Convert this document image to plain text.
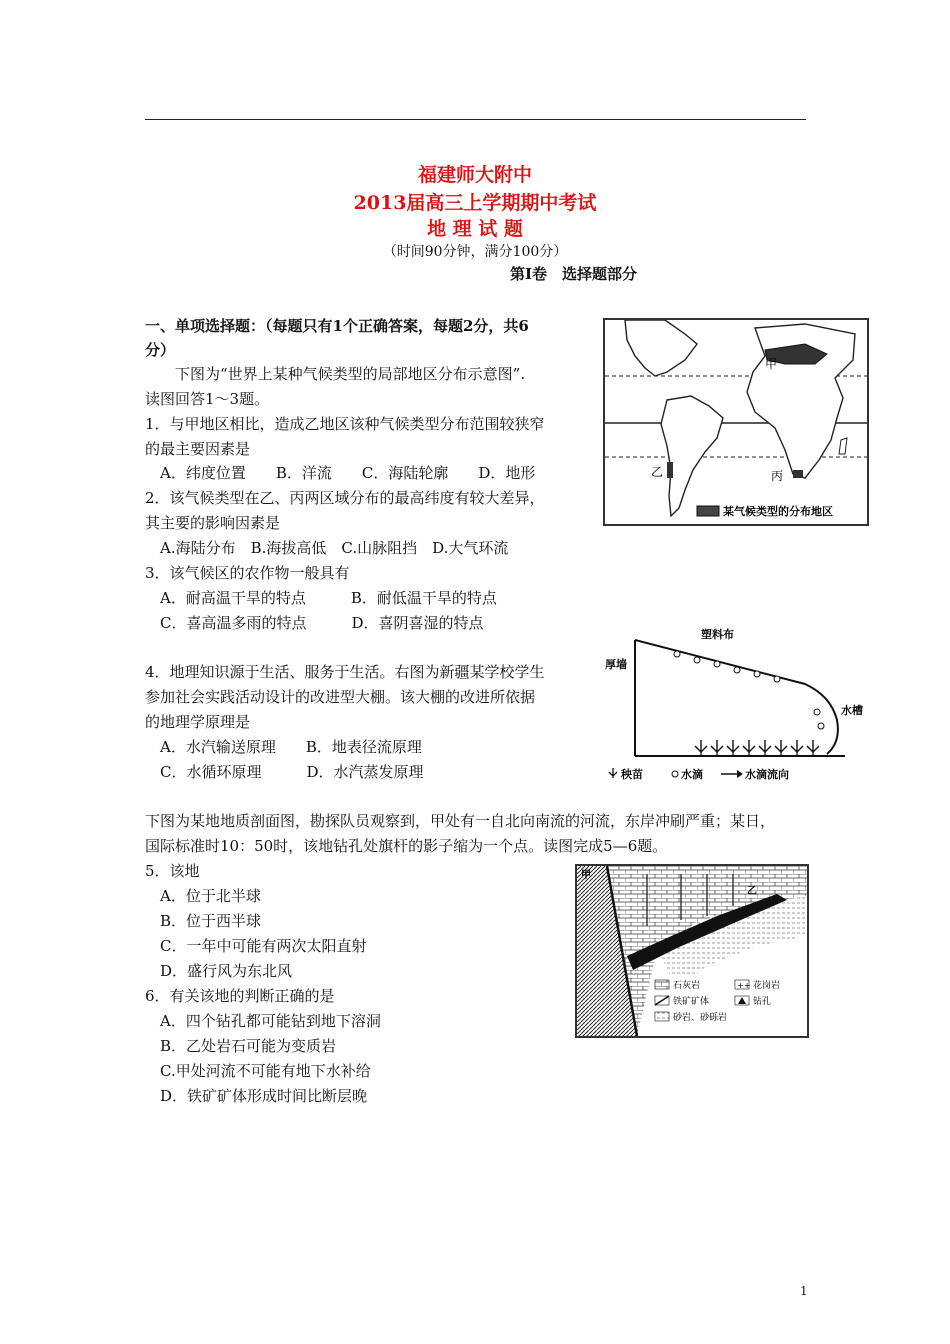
福建师大附中
2013届高三上学期期中考试
地 理 试 题
（时间90分钟，满分100分）
第Ⅰ卷　选择题部分
一、单项选择题：（每题只有1个正确答案，每题2分，共6
分）
下图为“世界上某种气候类型的局部地区分布示意图”.
读图回答1～3题。
1．与甲地区相比，造成乙地区该种气候类型分布范围较狭窄
的最主要因素是
A．纬度位置　　B．洋流　　C．海陆轮廓　　D．地形
2．该气候类型在乙、丙两区域分布的最高纬度有较大差异，
其主要的影响因素是
A.海陆分布　B.海拔高低　C.山脉阻挡　D.大气环流
3．该气候区的农作物一般具有
A．耐高温干旱的特点　　　B．耐低温干旱的特点
C．喜高温多雨的特点　　　D．喜阴喜湿的特点
4．地理知识源于生活、服务于生活。右图为新疆某学校学生
参加社会实践活动设计的改进型大棚。该大棚的改进所依据
的地理学原理是
A．水汽输送原理　　B．地表径流原理
C．水循环原理　　　D．水汽蒸发原理
下图为某地地质剖面图，勘探队员观察到，甲处有一自北向南流的河流，东岸冲刷严重；某日，
国际标准时10：50时，该地钻孔处旗杆的影子缩为一个点。读图完成5—6题。
5．该地
A．位于北半球
B．位于西半球
C．一年中可能有两次太阳直射
D．盛行风为东北风
6．有关该地的判断正确的是
A．四个钻孔都可能钻到地下溶洞
B．乙处岩石可能为变质岩
C.甲处河流不可能有地下水补给
D．铁矿矿体形成时间比断层晚
甲
乙	丙
某气候类型的分布地区
塑料布
厚墙
水槽
秧苗	水滴	水滴流向
甲
乙
石灰岩	++ 花岗岩
铁矿矿体	钻孔
砂岩、砂砾岩
1
